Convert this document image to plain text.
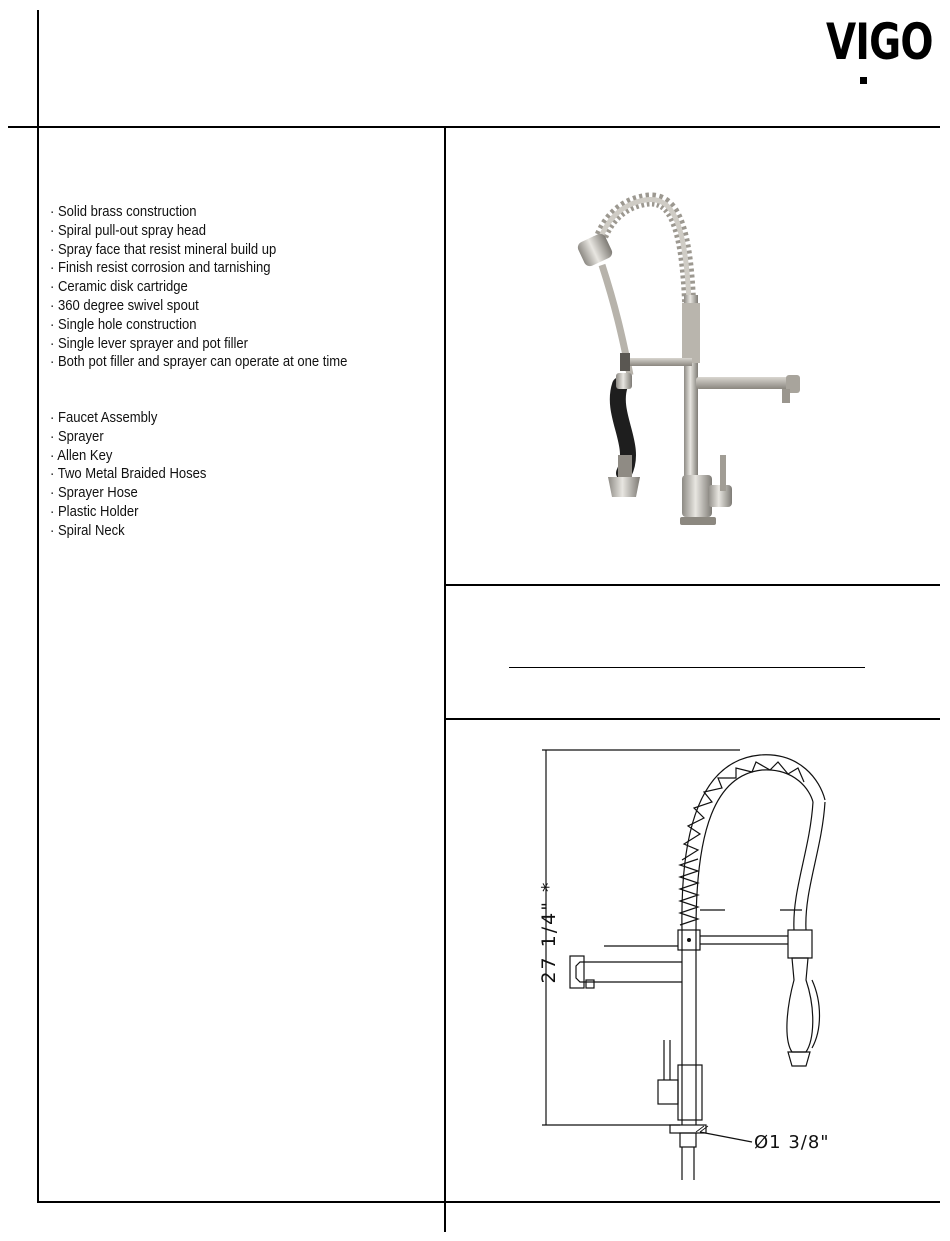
VIGO
· Solid brass construction
· Spiral pull-out spray head
· Spray face that resist mineral build up
· Finish resist corrosion and tarnishing
· Ceramic disk cartridge
· 360 degree swivel spout
· Single hole construction
· Single lever sprayer and pot filler
· Both pot filler and sprayer can operate at one time
· Faucet Assembly
· Sprayer
· Allen Key
· Two Metal Braided Hoses
· Sprayer Hose
· Plastic Holder
· Spiral Neck
27 1/4" *
Ø1 3/8"
